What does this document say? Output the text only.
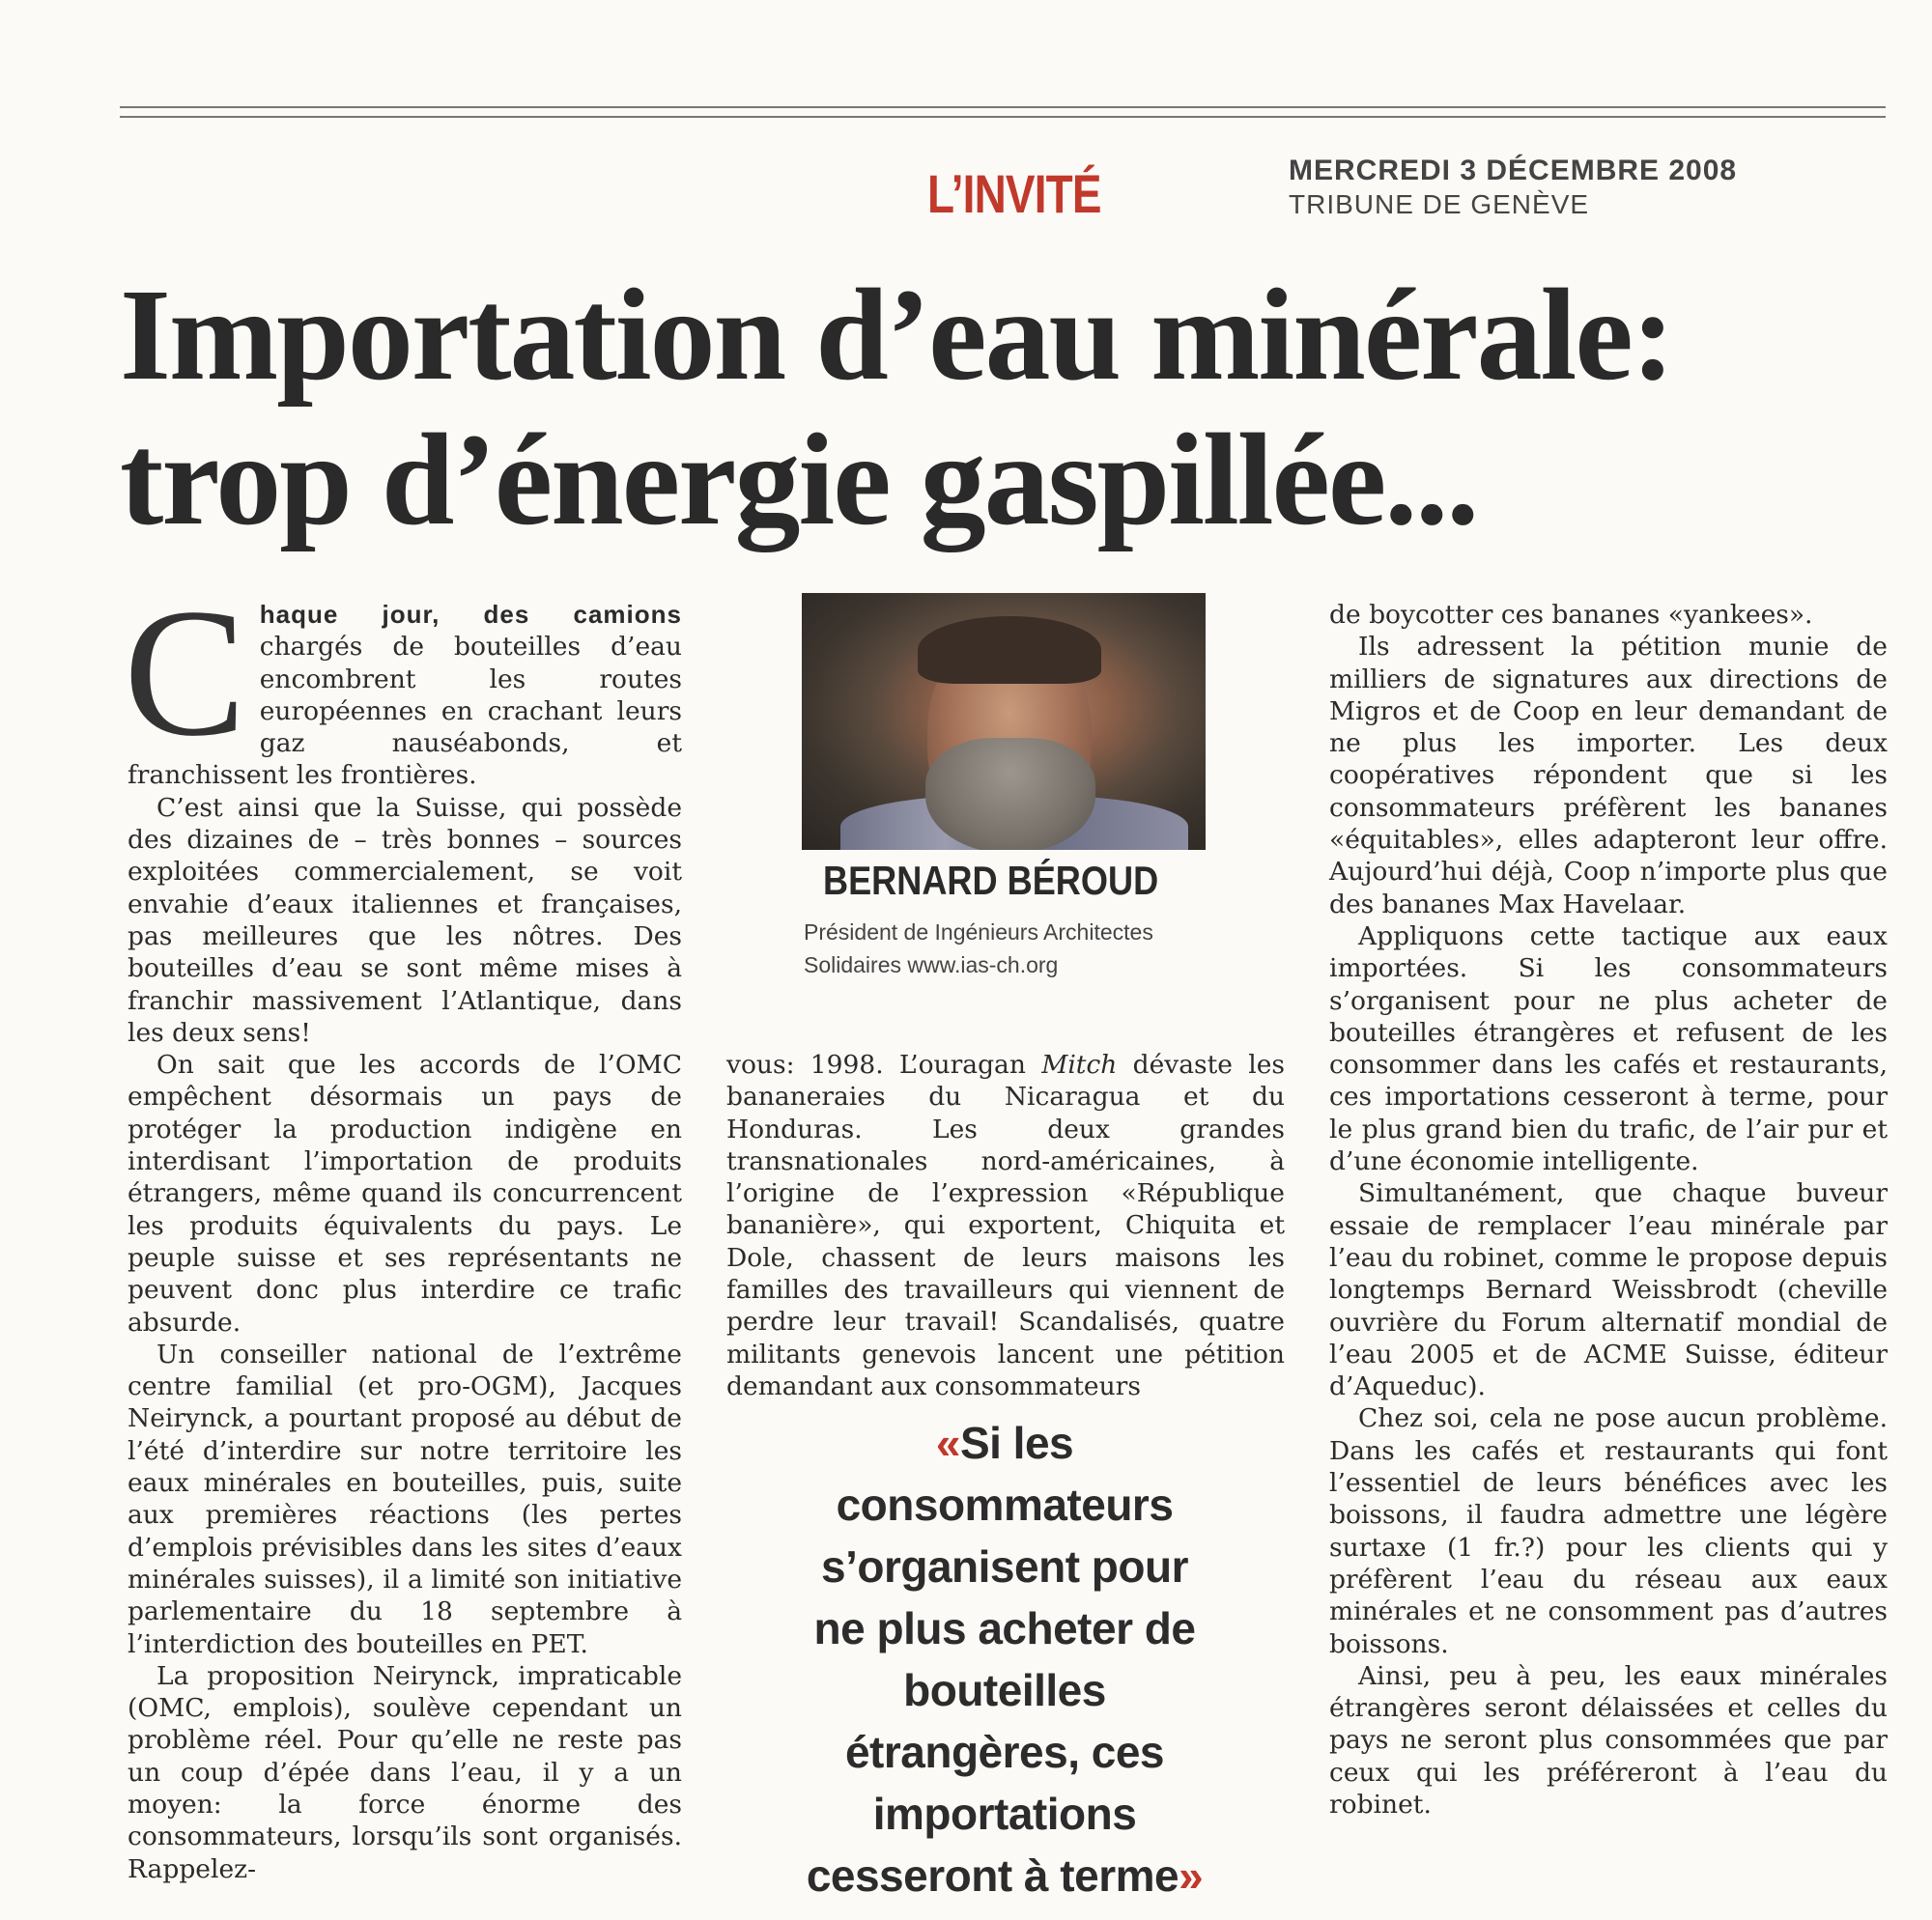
L’INVITÉ	MERCREDI 3 DÉCEMBRE 2008
TRIBUNE DE GENÈVE
Importation d’eau minérale:
trop d’énergie gaspillée...

C haque jour, des camions chargés de bouteilles d’eau encombrent les routes européennes en crachant leurs gaz nauséabonds, et franchissent les frontières.

C’est ainsi que la Suisse, qui possède des dizaines de – très bonnes – sources exploitées commercialement, se voit envahie d’eaux italiennes et françaises, pas meilleures que les nôtres. Des bouteilles d’eau se sont même mises à franchir massivement l’Atlantique, dans les deux sens!

On sait que les accords de l’OMC empêchent désormais un pays de protéger la production indigène en interdisant l’importation de produits étrangers, même quand ils concurrencent les produits équivalents du pays. Le peuple suisse et ses représentants ne peuvent donc plus interdire ce trafic absurde.

Un conseiller national de l’extrême centre familial (et pro-OGM), Jacques Neirynck, a pourtant proposé au début de l’été d’interdire sur notre territoire les eaux minérales en bouteilles, puis, suite aux premières réactions (les pertes d’emplois prévisibles dans les sites d’eaux minérales suisses), il a limité son initiative parlementaire du 18 septembre à l’interdiction des bouteilles en PET.

La proposition Neirynck, impraticable (OMC, emplois), soulève cependant un problème réel. Pour qu’elle ne reste pas un coup d’épée dans l’eau, il y a un moyen: la force énorme des consommateurs, lorsqu’ils sont organisés. Rappelez-

BERNARD BÉROUD
Président de Ingénieurs Architectes Solidaires www.ias-ch.org

vous: 1998. L’ouragan Mitch dévaste les bananeraies du Nicaragua et du Honduras. Les deux grandes transnationales nord-américaines, à l’origine de l’expression «République bananière», qui exportent, Chiquita et Dole, chassent de leurs maisons les familles des travailleurs qui viennent de perdre leur travail! Scandalisés, quatre militants genevois lancent une pétition demandant aux consommateurs

«Si les consommateurs s’organisent pour ne plus acheter de bouteilles étrangères, ces importations cesseront à terme»

de boycotter ces bananes «yankees».

Ils adressent la pétition munie de milliers de signatures aux directions de Migros et de Coop en leur demandant de ne plus les importer. Les deux coopératives répondent que si les consommateurs préfèrent les bananes «équitables», elles adapteront leur offre. Aujourd’hui déjà, Coop n’importe plus que des bananes Max Havelaar.

Appliquons cette tactique aux eaux importées. Si les consommateurs s’organisent pour ne plus acheter de bouteilles étrangères et refusent de les consommer dans les cafés et restaurants, ces importations cesseront à terme, pour le plus grand bien du trafic, de l’air pur et d’une économie intelligente.

Simultanément, que chaque buveur essaie de remplacer l’eau minérale par l’eau du robinet, comme le propose depuis longtemps Bernard Weissbrodt (cheville ouvrière du Forum alternatif mondial de l’eau 2005 et de ACME Suisse, éditeur d’Aqueduc).

Chez soi, cela ne pose aucun problème. Dans les cafés et restaurants qui font l’essentiel de leurs bénéfices avec les boissons, il faudra admettre une légère surtaxe (1 fr.?) pour les clients qui y préfèrent l’eau du réseau aux eaux minérales et ne consomment pas d’autres boissons.

Ainsi, peu à peu, les eaux minérales étrangères seront délaissées et celles du pays ne seront plus consommées que par ceux qui les préféreront à l’eau du robinet.
